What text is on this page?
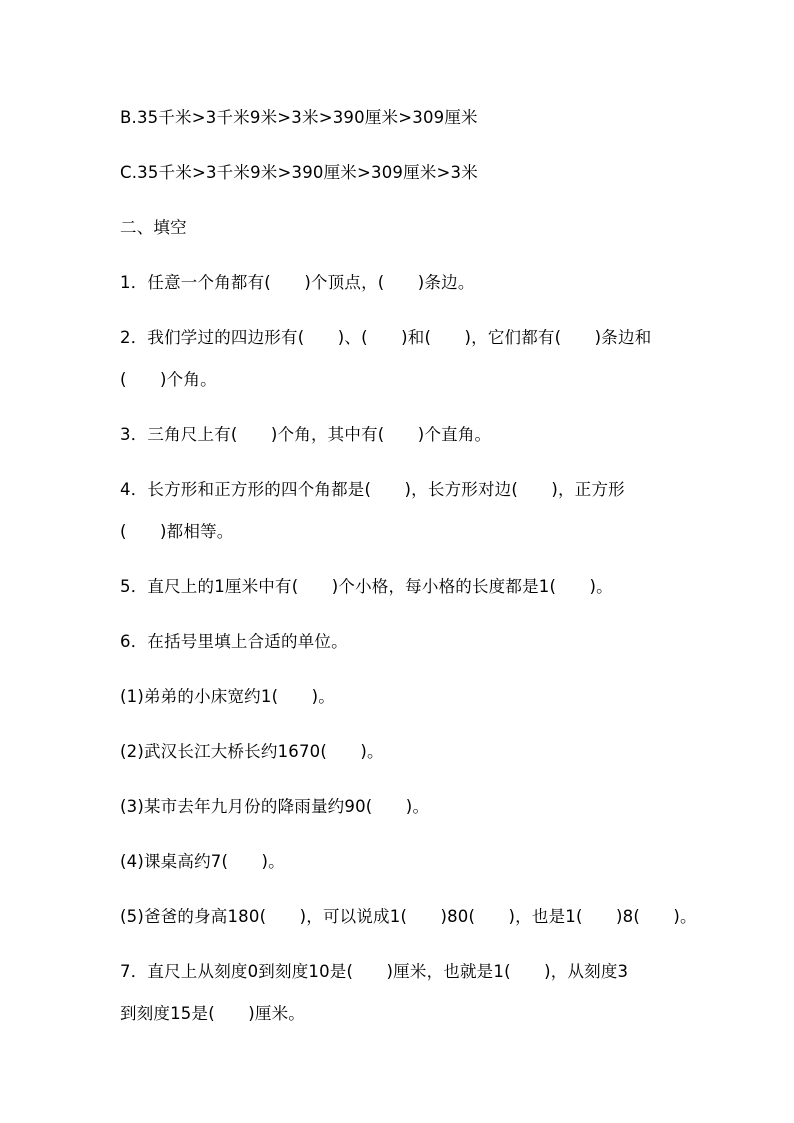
B.35千米>3千米9米>3米>390厘米>309厘米
C.35千米>3千米9米>390厘米>309厘米>3米
二、填空
1．任意一个角都有(　　)个顶点，(　　)条边。
2．我们学过的四边形有(　　)、(　　)和(　　)，它们都有(　　)条边和
(　　)个角。
3．三角尺上有(　　)个角，其中有(　　)个直角。
4．长方形和正方形的四个角都是(　　)，长方形对边(　　)，正方形
(　　)都相等。
5．直尺上的1厘米中有(　　)个小格，每小格的长度都是1(　　)。
6．在括号里填上合适的单位。
(1)弟弟的小床宽约1(　　)。
(2)武汉长江大桥长约1670(　　)。
(3)某市去年九月份的降雨量约90(　　)。
(4)课桌高约7(　　)。
(5)爸爸的身高180(　　)，可以说成1(　　)80(　　)，也是1(　　)8(　　)。
7．直尺上从刻度0到刻度10是(　　)厘米，也就是1(　　)，从刻度3
到刻度15是(　　)厘米。
